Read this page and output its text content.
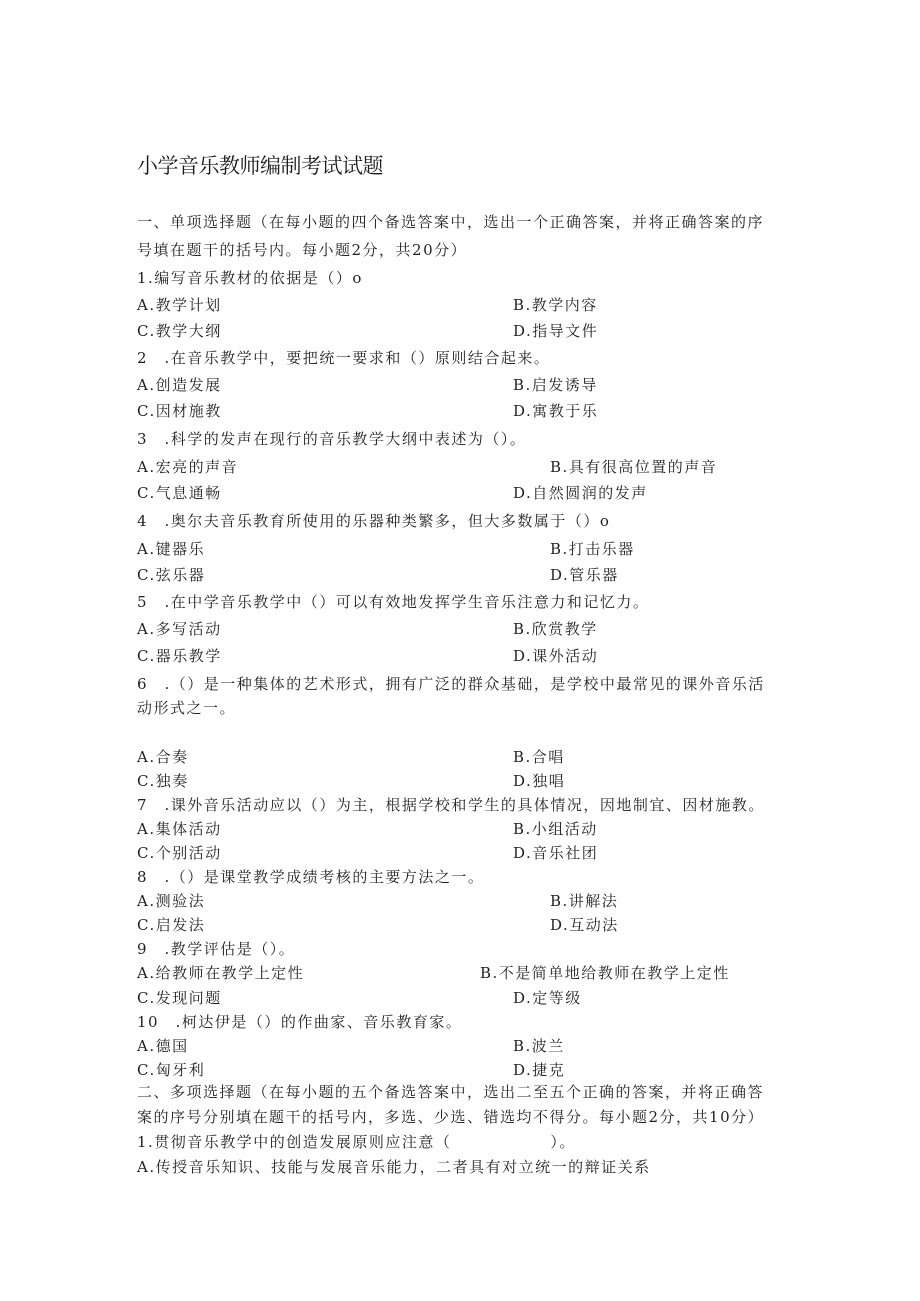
小学音乐教师编制考试试题
一、单项选择题（在每小题的四个备选答案中，选出一个正确答案，并将正确答案的序
号填在题干的括号内。每小题2分，共20分）
1.编写音乐教材的依据是（）o
A.教学计划	B.教学内容
C.教学大纲	D.指导文件
2　.在音乐教学中，要把统一要求和（）原则结合起来。
A.创造发展	B.启发诱导
C.因材施教	D.寓教于乐
3　.科学的发声在现行的音乐教学大纲中表述为（）。
A.宏亮的声音	B.具有很高位置的声音
C.气息通畅	D.自然圆润的发声
4　.奥尔夫音乐教育所使用的乐器种类繁多，但大多数属于（）o
A.键器乐	B.打击乐器
C.弦乐器	D.管乐器
5　.在中学音乐教学中（）可以有效地发挥学生音乐注意力和记忆力。
A.多写活动	B.欣赏教学
C.器乐教学	D.课外活动
6　.（）是一种集体的艺术形式，拥有广泛的群众基础，是学校中最常见的课外音乐活
动形式之一。
A.合奏	B.合唱
C.独奏	D.独唱
7　.课外音乐活动应以（）为主，根据学校和学生的具体情况，因地制宜、因材施教。
A.集体活动	B.小组活动
C.个别活动	D.音乐社团
8　.（）是课堂教学成绩考核的主要方法之一。
A.测验法	B.讲解法
C.启发法	D.互动法
9　.教学评估是（）。
A.给教师在教学上定性	B.不是简单地给教师在教学上定性
C.发现问题	D.定等级
10　.柯达伊是（）的作曲家、音乐教育家。
A.德国	B.波兰
C.匈牙利	D.捷克
二、多项选择题（在每小题的五个备选答案中，选出二至五个正确的答案，并将正确答
案的序号分别填在题干的括号内，多选、少选、错选均不得分。每小题2分，共10分）
1.贯彻音乐教学中的创造发展原则应注意（　　　　　　）。
A.传授音乐知识、技能与发展音乐能力，二者具有对立统一的辩证关系
